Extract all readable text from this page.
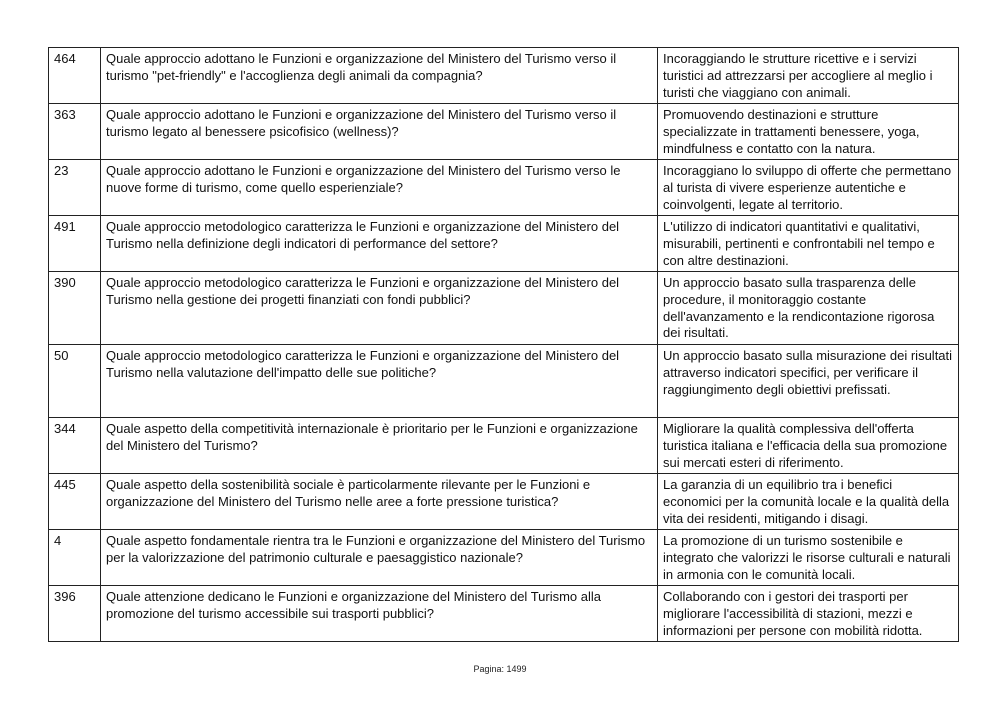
464	Quale approccio adottano le Funzioni e organizzazione del Ministero del Turismo verso il turismo "pet-friendly" e l'accoglienza degli animali da compagnia?	Incoraggiando le strutture ricettive e i servizi turistici ad attrezzarsi per accogliere al meglio i turisti che viaggiano con animali.
363	Quale approccio adottano le Funzioni e organizzazione del Ministero del Turismo verso il turismo legato al benessere psicofisico (wellness)?	Promuovendo destinazioni e strutture specializzate in trattamenti benessere, yoga, mindfulness e contatto con la natura.
23	Quale approccio adottano le Funzioni e organizzazione del Ministero del Turismo verso le nuove forme di turismo, come quello esperienziale?	Incoraggiano lo sviluppo di offerte che permettano al turista di vivere esperienze autentiche e coinvolgenti, legate al territorio.
491	Quale approccio metodologico caratterizza le Funzioni e organizzazione del Ministero del Turismo nella definizione degli indicatori di performance del settore?	L'utilizzo di indicatori quantitativi e qualitativi, misurabili, pertinenti e confrontabili nel tempo e con altre destinazioni.
390	Quale approccio metodologico caratterizza le Funzioni e organizzazione del Ministero del Turismo nella gestione dei progetti finanziati con fondi pubblici?	Un approccio basato sulla trasparenza delle procedure, il monitoraggio costante dell'avanzamento e la rendicontazione rigorosa dei risultati.
50	Quale approccio metodologico caratterizza le Funzioni e organizzazione del Ministero del Turismo nella valutazione dell'impatto delle sue politiche?	Un approccio basato sulla misurazione dei risultati attraverso indicatori specifici, per verificare il raggiungimento degli obiettivi prefissati.
344	Quale aspetto della competitività internazionale è prioritario per le Funzioni e organizzazione del Ministero del Turismo?	Migliorare la qualità complessiva dell'offerta turistica italiana e l'efficacia della sua promozione sui mercati esteri di riferimento.
445	Quale aspetto della sostenibilità sociale è particolarmente rilevante per le Funzioni e organizzazione del Ministero del Turismo nelle aree a forte pressione turistica?	La garanzia di un equilibrio tra i benefici economici per la comunità locale e la qualità della vita dei residenti, mitigando i disagi.
4	Quale aspetto fondamentale rientra tra le Funzioni e organizzazione del Ministero del Turismo per la valorizzazione del patrimonio culturale e paesaggistico nazionale?	La promozione di un turismo sostenibile e integrato che valorizzi le risorse culturali e naturali in armonia con le comunità locali.
396	Quale attenzione dedicano le Funzioni e organizzazione del Ministero del Turismo alla promozione del turismo accessibile sui trasporti pubblici?	Collaborando con i gestori dei trasporti per migliorare l'accessibilità di stazioni, mezzi e informazioni per persone con mobilità ridotta.
Pagina: 1499
